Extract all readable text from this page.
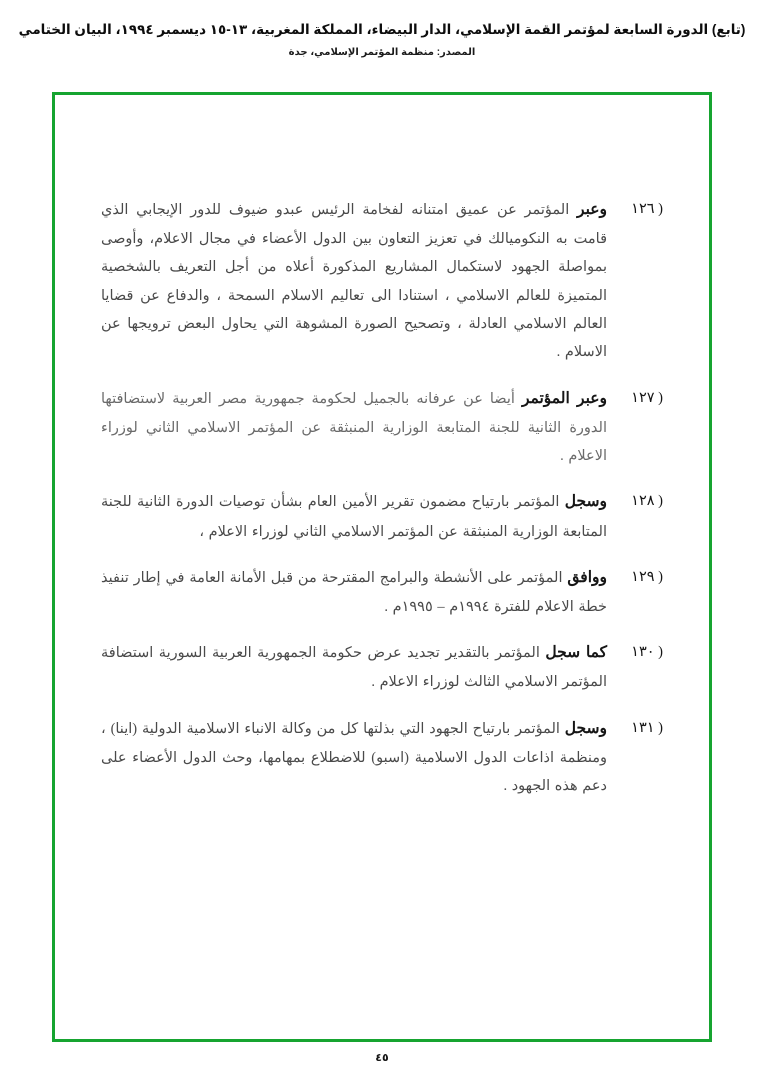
(تابع) الدورة السابعة لمؤتمر القمة الإسلامي، الدار البيضاء، المملكة المغربية، ١٣-١٥ ديسمبر ١٩٩٤، البيان الختامي
المصدر: منظمة المؤتمر الإسلامي، جدة
( ١٢٦
وعبر المؤتمر عن عميق امتنانه لفخامة الرئيس عبدو ضيوف للدور الإيجابي الذي قامت به النكوميالك في تعزيز التعاون بين الدول الأعضاء في مجال الاعلام، وأوصى بمواصلة الجهود لاستكمال المشاريع المذكورة أعلاه من أجل التعريف بالشخصية المتميزة للعالم الاسلامي ، استنادا الى تعاليم الاسلام السمحة ، والدفاع عن قضايا العالم الاسلامي العادلة ، وتصحيح الصورة المشوهة التي يحاول البعض ترويجها عن الاسلام .
( ١٢٧
وعبر المؤتمر أيضا عن عرفانه بالجميل لحكومة جمهورية مصر العربية لاستضافتها الدورة الثانية للجنة المتابعة الوزارية المنبثقة عن المؤتمر الاسلامي الثاني لوزراء الاعلام .
( ١٢٨
وسجل المؤتمر بارتياح مضمون تقرير الأمين العام بشأن توصيات الدورة الثانية للجنة المتابعة الوزارية المنبثقة عن المؤتمر الاسلامي الثاني لوزراء الاعلام ،
( ١٢٩
ووافق المؤتمر على الأنشطة والبرامج المقترحة من قبل الأمانة العامة في إطار تنفيذ خطة الاعلام للفترة ١٩٩٤م – ١٩٩٥م .
( ١٣٠
كما سجل المؤتمر بالتقدير تجديد عرض حكومة الجمهورية العربية السورية استضافة المؤتمر الاسلامي الثالث لوزراء الاعلام .
( ١٣١
وسجل المؤتمر بارتياح الجهود التي بذلتها كل من وكالة الانباء الاسلامية الدولية (اينا) ، ومنظمة اذاعات الدول الاسلامية (اسبو) للاضطلاع بمهامها، وحث الدول الأعضاء على دعم هذه الجهود .
٤٥
